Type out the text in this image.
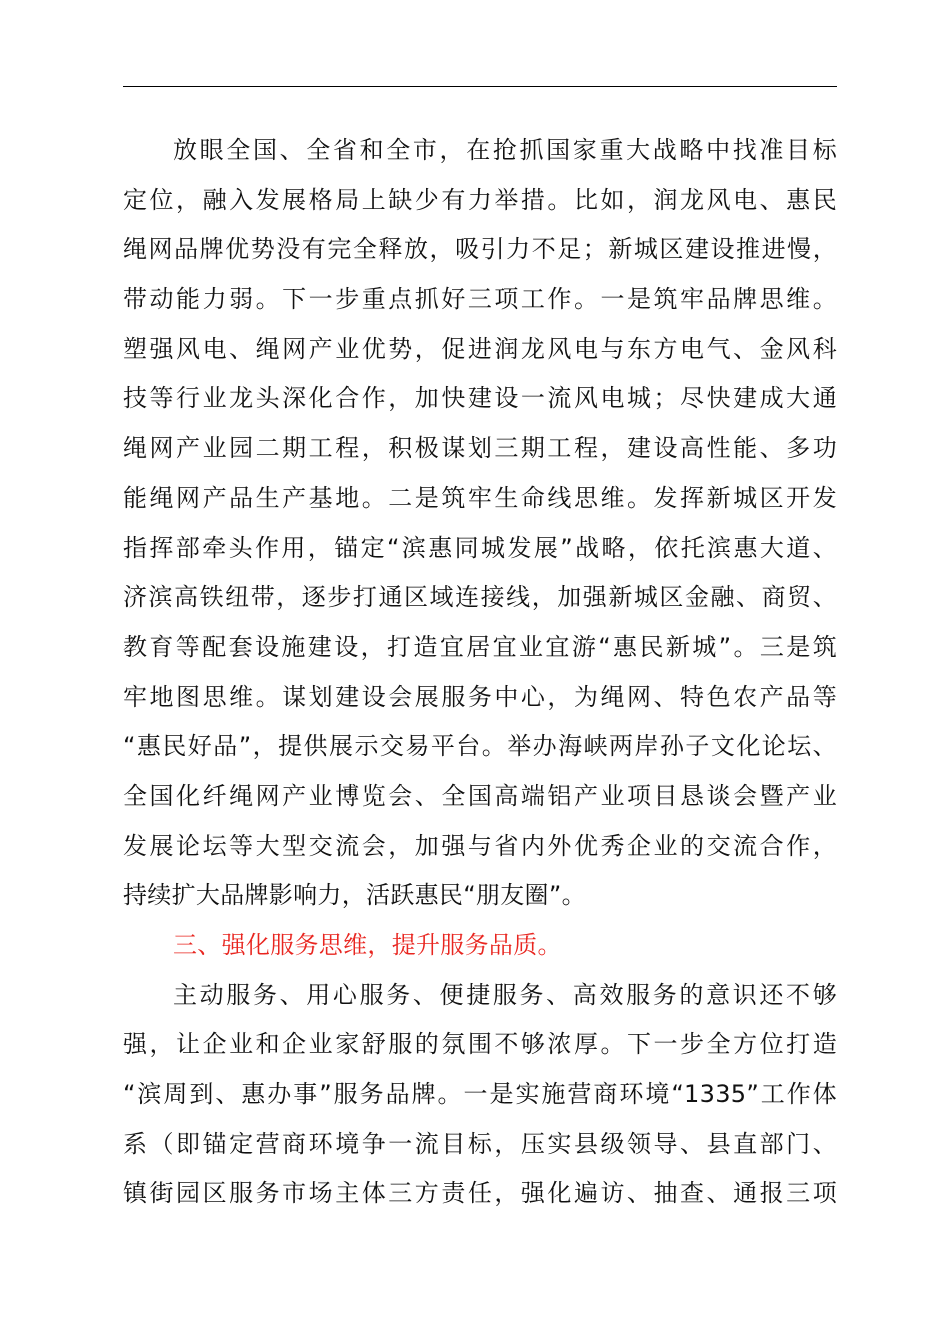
放眼全国、全省和全市，在抢抓国家重大战略中找准目标
定位，融入发展格局上缺少有力举措。比如，润龙风电、惠民
绳网品牌优势没有完全释放，吸引力不足；新城区建设推进慢，
带动能力弱。下一步重点抓好三项工作。一是筑牢品牌思维。
塑强风电、绳网产业优势，促进润龙风电与东方电气、金风科
技等行业龙头深化合作，加快建设一流风电城；尽快建成大通
绳网产业园二期工程，积极谋划三期工程，建设高性能、多功
能绳网产品生产基地。二是筑牢生命线思维。发挥新城区开发
指挥部牵头作用，锚定“滨惠同城发展”战略，依托滨惠大道、
济滨高铁纽带，逐步打通区域连接线，加强新城区金融、商贸、
教育等配套设施建设，打造宜居宜业宜游“惠民新城”。三是筑
牢地图思维。谋划建设会展服务中心，为绳网、特色农产品等
“惠民好品”，提供展示交易平台。举办海峡两岸孙子文化论坛、
全国化纤绳网产业博览会、全国高端铝产业项目恳谈会暨产业
发展论坛等大型交流会，加强与省内外优秀企业的交流合作，
持续扩大品牌影响力，活跃惠民“朋友圈”。
三、强化服务思维，提升服务品质。
主动服务、用心服务、便捷服务、高效服务的意识还不够
强，让企业和企业家舒服的氛围不够浓厚。下一步全方位打造
“滨周到、惠办事”服务品牌。一是实施营商环境“1335”工作体
系（即锚定营商环境争一流目标，压实县级领导、县直部门、
镇街园区服务市场主体三方责任，强化遍访、抽查、通报三项
